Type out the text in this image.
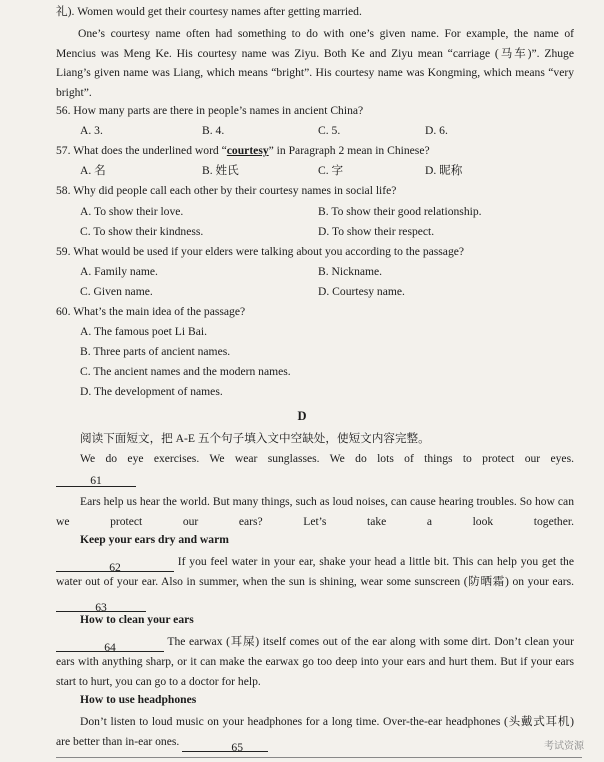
礼). Women would get their courtesy names after getting married.
One’s courtesy name often had something to do with one’s given name. For example, the name of Mencius was Meng Ke. His courtesy name was Ziyu. Both Ke and Ziyu mean “carriage (马车)”. Zhuge Liang’s given name was Liang, which means “bright”. His courtesy name was Kongming, which means “very bright”.
56. How many parts are there in people’s names in ancient China?
A. 3.	B. 4.	C. 5.	D. 6.
57. What does the underlined word “courtesy” in Paragraph 2 mean in Chinese?
A. 名	B. 姓氏	C. 字	D. 昵称
58. Why did people call each other by their courtesy names in social life?
A. To show their love.	B. To show their good relationship.
C. To show their kindness.	D. To show their respect.
59. What would be used if your elders were talking about you according to the passage?
A. Family name.	B. Nickname.
C. Given name.	D. Courtesy name.
60. What’s the main idea of the passage?
A. The famous poet Li Bai.
B. Three parts of ancient names.
C. The ancient names and the modern names.
D. The development of names.
D
阅读下面短文，把 A-E 五个句子填入文中空缺处，使短文内容完整。
We do eye exercises. We wear sunglasses. We do lots of things to protect our eyes.
61
Ears help us hear the world. But many things, such as loud noises, can cause hearing troubles. So how can we protect our ears? Let’s take a look together.
Keep your ears dry and warm
62	If you feel water in your ear, shake your head a little bit. This can help you get the water out of your ear. Also in summer, when the sun is shining, wear some sunscreen (防晒霜) on your ears. 63
How to clean your ears
64	The earwax (耳屎) itself comes out of the ear along with some dirt. Don’t clean your ears with anything sharp, or it can make the earwax go too deep into your ears and hurt them. But if your ears start to hurt, you can go to a doctor for help.
How to use headphones
Don’t listen to loud music on your headphones for a long time. Over-the-ear headphones (头戴式耳机) are better than in-ear ones.	65	考试资源
